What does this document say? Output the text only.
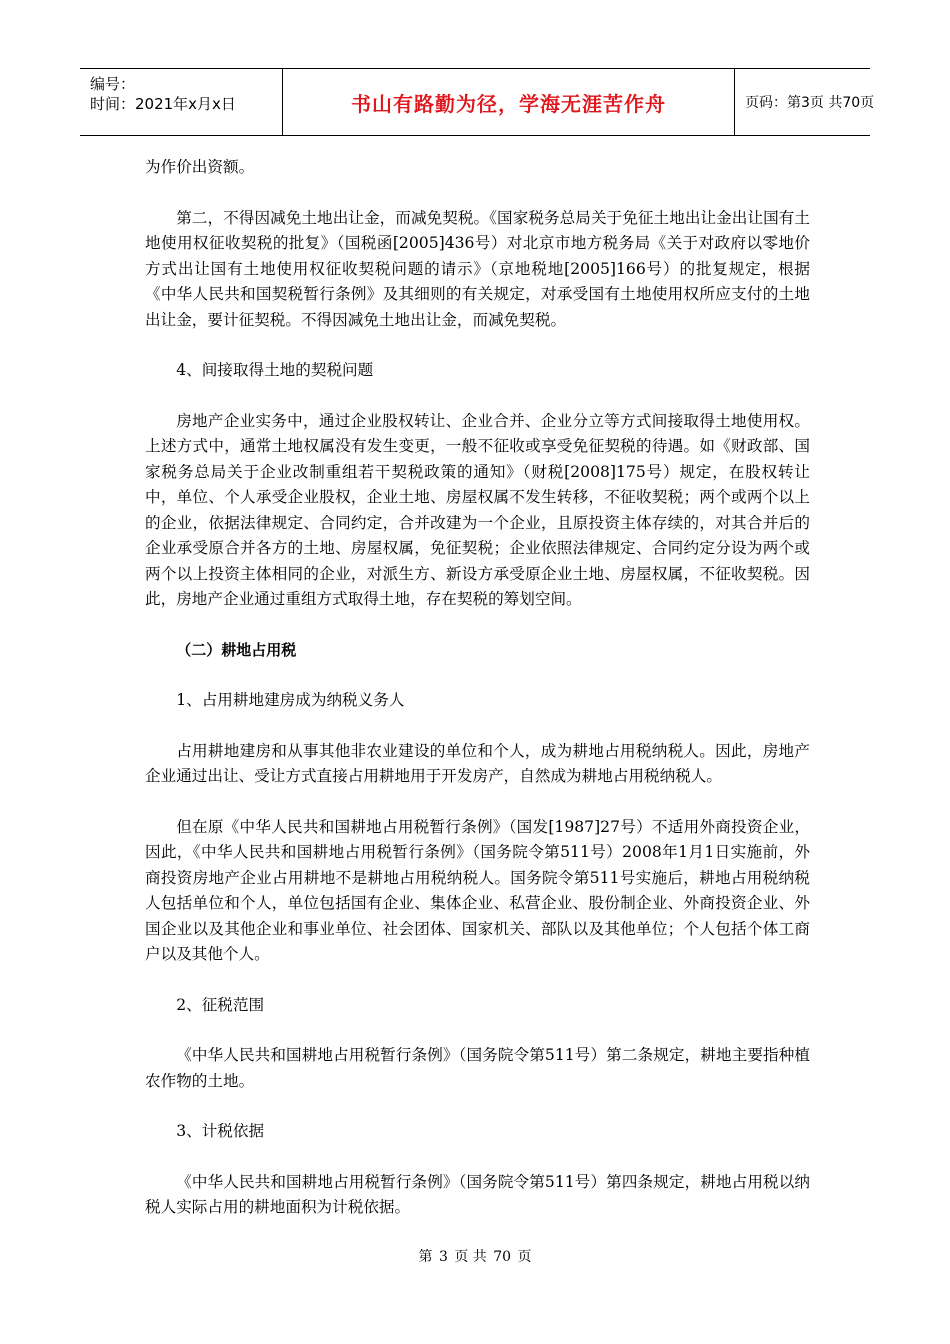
编号：
时间：2021年x月x日	书山有路勤为径，学海无涯苦作舟	页码：第3页 共70页

为作价出资额。

第二，不得因减免土地出让金，而减免契税。《国家税务总局关于免征土地出让金出让国有土地使用权征收契税的批复》（国税函[2005]436号）对北京市地方税务局《关于对政府以零地价方式出让国有土地使用权征收契税问题的请示》（京地税地[2005]166号）的批复规定，根据《中华人民共和国契税暂行条例》及其细则的有关规定，对承受国有土地使用权所应支付的土地出让金，要计征契税。不得因减免土地出让金，而减免契税。

4、间接取得土地的契税问题

房地产企业实务中，通过企业股权转让、企业合并、企业分立等方式间接取得土地使用权。上述方式中，通常土地权属没有发生变更，一般不征收或享受免征契税的待遇。如《财政部、国家税务总局关于企业改制重组若干契税政策的通知》（财税[2008]175号）规定，在股权转让中，单位、个人承受企业股权，企业土地、房屋权属不发生转移，不征收契税；两个或两个以上的企业，依据法律规定、合同约定，合并改建为一个企业，且原投资主体存续的，对其合并后的企业承受原合并各方的土地、房屋权属，免征契税；企业依照法律规定、合同约定分设为两个或两个以上投资主体相同的企业，对派生方、新设方承受原企业土地、房屋权属，不征收契税。因此，房地产企业通过重组方式取得土地，存在契税的筹划空间。

（二）耕地占用税

1、占用耕地建房成为纳税义务人

占用耕地建房和从事其他非农业建设的单位和个人，成为耕地占用税纳税人。因此，房地产企业通过出让、受让方式直接占用耕地用于开发房产，自然成为耕地占用税纳税人。

但在原《中华人民共和国耕地占用税暂行条例》（国发[1987]27号）不适用外商投资企业，因此，《中华人民共和国耕地占用税暂行条例》（国务院令第511号）2008年1月1日实施前，外商投资房地产企业占用耕地不是耕地占用税纳税人。国务院令第511号实施后，耕地占用税纳税人包括单位和个人，单位包括国有企业、集体企业、私营企业、股份制企业、外商投资企业、外国企业以及其他企业和事业单位、社会团体、国家机关、部队以及其他单位；个人包括个体工商户以及其他个人。

2、征税范围

《中华人民共和国耕地占用税暂行条例》（国务院令第511号）第二条规定，耕地主要指种植农作物的土地。

3、计税依据

《中华人民共和国耕地占用税暂行条例》（国务院令第511号）第四条规定，耕地占用税以纳税人实际占用的耕地面积为计税依据。

第 3 页 共 70 页
